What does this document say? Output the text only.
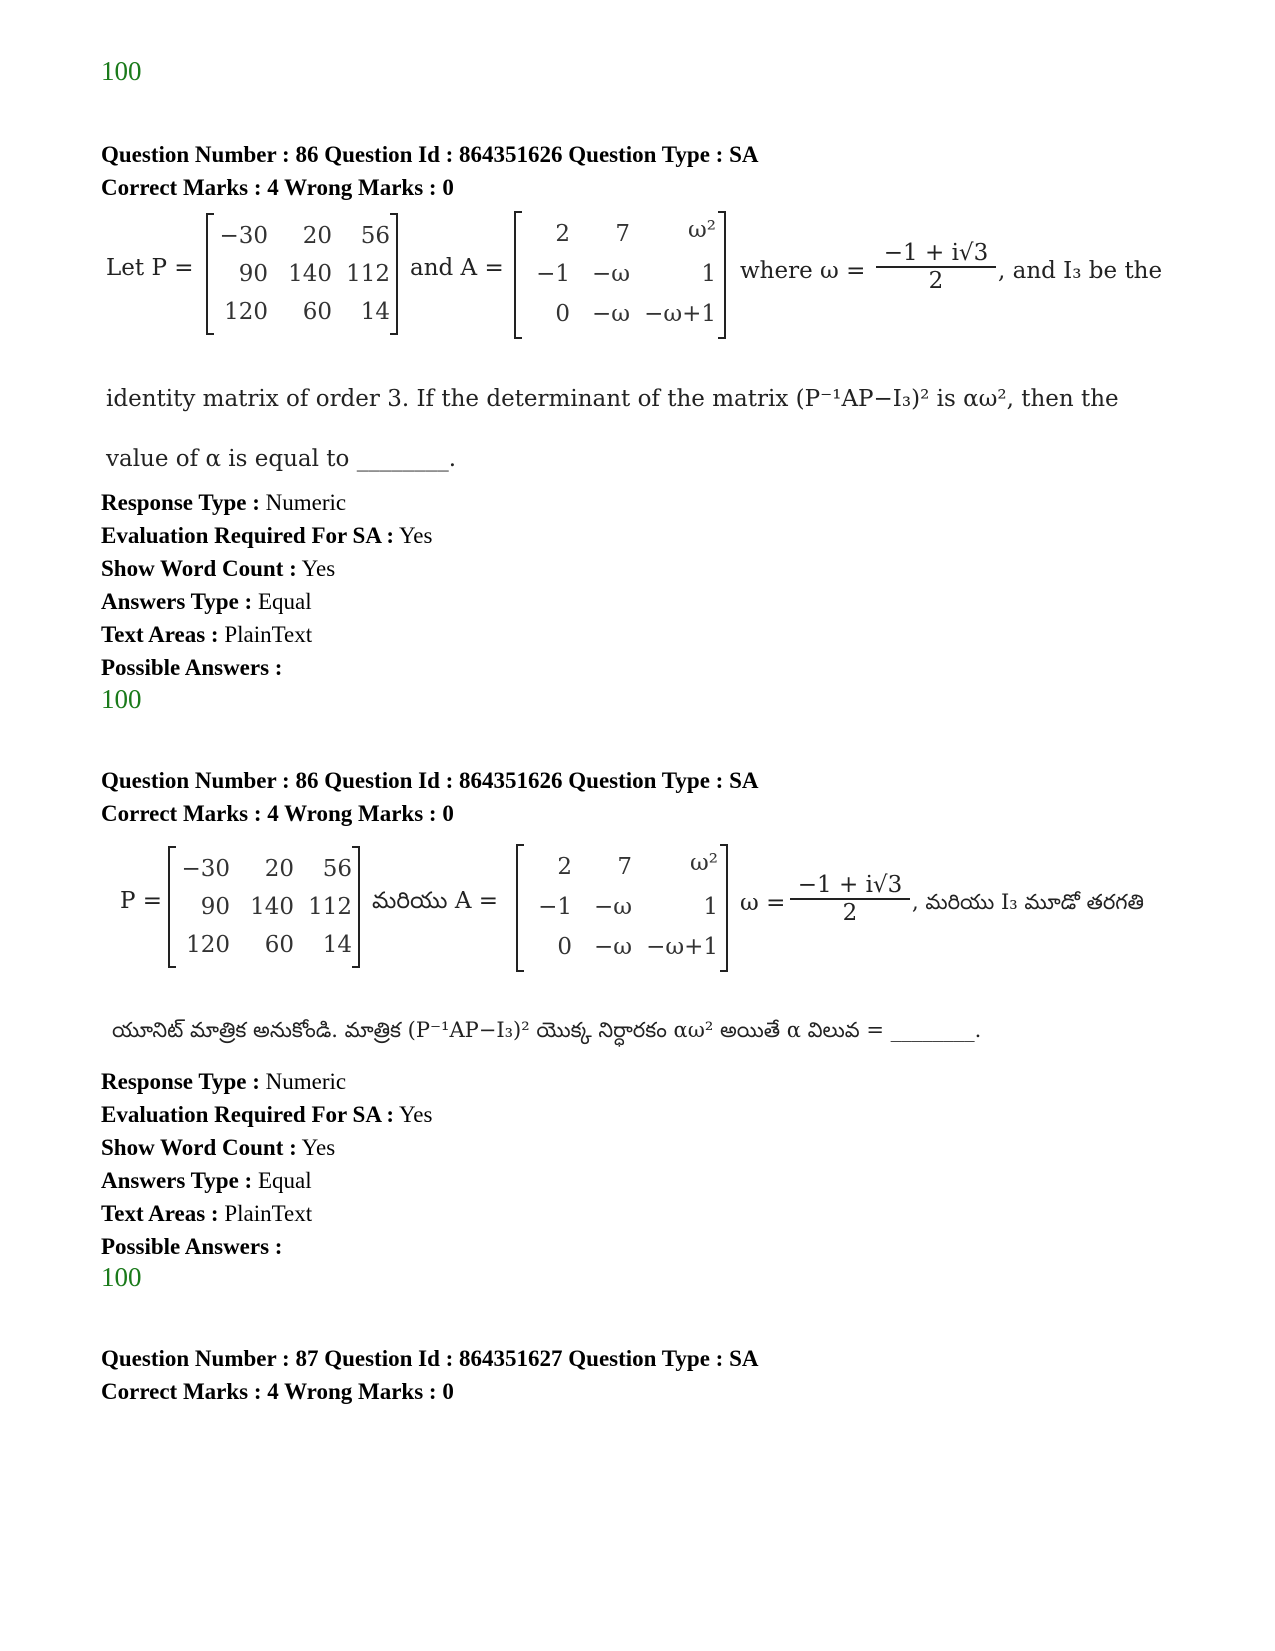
100
Question Number : 86 Question Id : 864351626 Question Type : SA
Correct Marks : 4 Wrong Marks : 0
Let P =
−30	20	56
90 140 112
120	60	14
and A =
2	7	ω²
−1 −ω	1
0 −ω −ω+1
where $\omega = \frac{-1 + i√3}{2}$ , and I₃ be the
identity matrix of order 3. If the determinant of the matrix (P⁻¹AP−I₃)² is αω², then the
value of α is equal to ________.
Response Type : Numeric
Evaluation Required For SA : Yes
Show Word Count : Yes
Answers Type : Equal
Text Areas : PlainText
Possible Answers :
100
Question Number : 86 Question Id : 864351626 Question Type : SA
Correct Marks : 4 Wrong Marks : 0
P =
−30	20	56
90 140 112
120	60	14
మరియు A =
2	7	ω²
−1 −ω	1
0 −ω −ω+1
$\omega = \frac{-1 + i√3}{2}$ , మరియు I₃ మూడో తరగతి
యూనిట్ మాత్రిక అనుకోండి. మాత్రిక (P⁻¹AP−I₃)² యొక్క నిర్ధారకం αω² అయితే α విలువ = ________.
Response Type : Numeric
Evaluation Required For SA : Yes
Show Word Count : Yes
Answers Type : Equal
Text Areas : PlainText
Possible Answers :
100
Question Number : 87 Question Id : 864351627 Question Type : SA
Correct Marks : 4 Wrong Marks : 0
